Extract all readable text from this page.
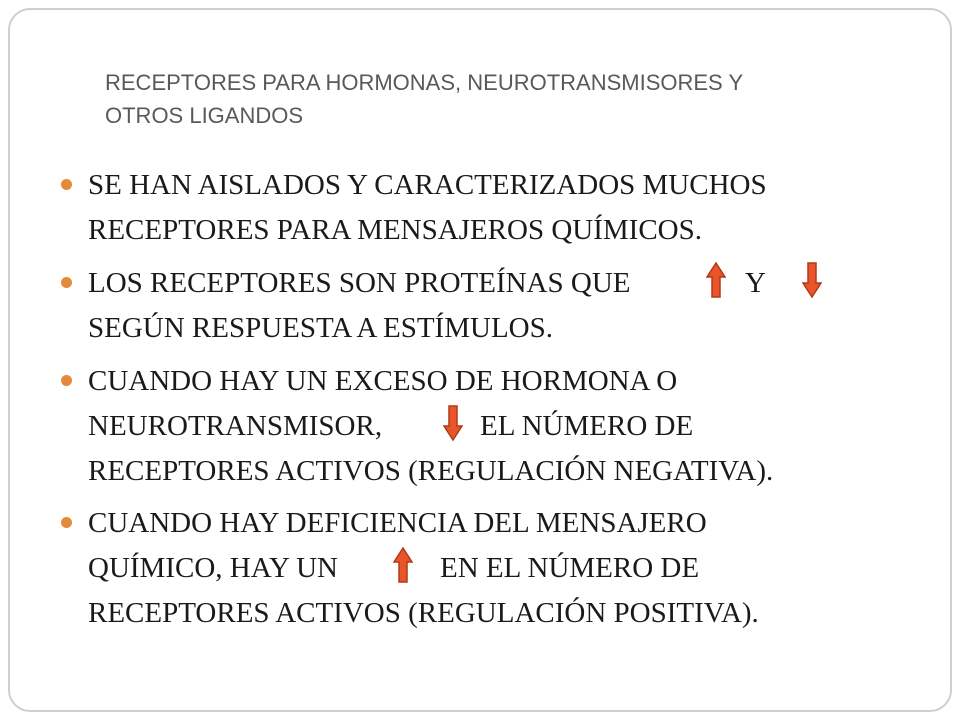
RECEPTORES PARA HORMONAS, NEUROTRANSMISORES Y
OTROS LIGANDOS
SE HAN AISLADOS Y CARACTERIZADOS MUCHOS
RECEPTORES PARA MENSAJEROS QUÍMICOS.
LOS RECEPTORES SON PROTEÍNAS QUE	Y
SEGÚN RESPUESTA A ESTÍMULOS.
CUANDO HAY UN EXCESO DE HORMONA O
NEUROTRANSMISOR,	EL NÚMERO DE
RECEPTORES ACTIVOS (REGULACIÓN NEGATIVA).
CUANDO HAY DEFICIENCIA DEL MENSAJERO
QUÍMICO, HAY UN	EN EL NÚMERO DE
RECEPTORES ACTIVOS (REGULACIÓN POSITIVA).
